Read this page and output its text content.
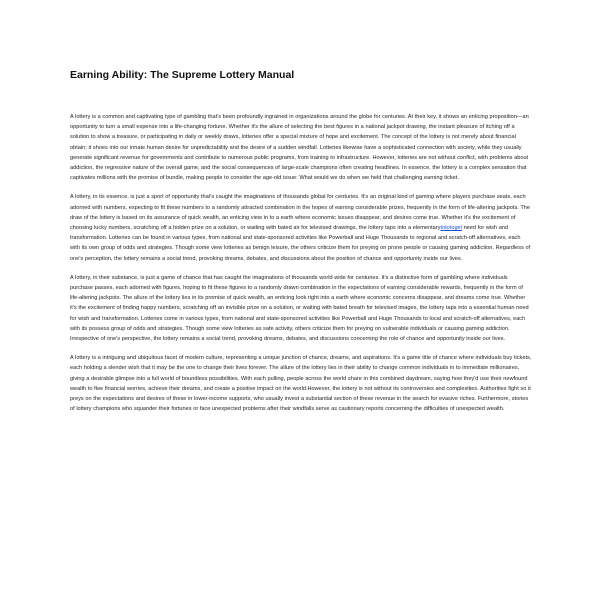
Earning Ability: The Supreme Lottery Manual

A lottery is a common and captivating type of gambling that's been profoundly ingrained in organizations around the globe for centuries. At their key, it shows an enticing proposition—an opportunity to turn a small expense into a life-changing fortune. Whether it's the allure of selecting the best figures in a national jackpot drawing, the instant pleasure of itching off a solution to show a treasure, or participating in daily or weekly draws, lotteries offer a special mixture of hope and excitement. The concept of the lottery is not merely about financial obtain; it shoes into our innate human desire for unpredictability and the desire of a sudden windfall. Lotteries likewise have a sophisticated connection with society, while they usually generate significant revenue for governments and contribute to numerous public programs, from training to infrastructure. However, lotteries are not without conflict, with problems about addiction, the regressive nature of the overall game, and the social consequences of large-scale champions often creating headlines. In essence, the lottery is a complex sensation that captivates millions with the promise of bundle, making people to consider the age-old issue: What would we do when we held that challenging earning ticket.

A lottery, in its essence, is just a sport of opportunity that's caught the imaginations of thousands global for centuries. It's an original kind of gaming where players purchase seats, each adorned with numbers, expecting to fit these numbers to a randomly attracted combination in the hopes of earning considerable prizes, frequently in the form of life-altering jackpots. The draw of the lottery is based on its assurance of quick wealth, an enticing view in to a earth where economic issues disappear, and desires come true. Whether it's the excitement of choosing lucky numbers, scratching off a hidden prize on a solution, or waiting with bated air for televised drawings, the lottery taps into a elementarytototogel need for wish and transformation. Lotteries can be found in various types, from national and state-sponsored activities like Powerball and Huge Thousands to regional and scratch-off alternatives, each with its own group of odds and strategies. Though some view lotteries as benign leisure, the others criticize them for preying on prone people or causing gaming addiction. Regardless of one's perception, the lottery remains a social trend, provoking dreams, debates, and discussions about the position of chance and opportunity inside our lives.

A lottery, in their substance, is just a game of chance that has caught the imaginations of thousands world wide for centuries. It's a distinctive form of gambling where individuals purchase passes, each adorned with figures, hoping to fit these figures to a randomly drawn combination in the expectations of earning considerable rewards, frequently in the form of life-altering jackpots. The allure of the lottery lies in its promise of quick wealth, an enticing look right into a earth where economic concerns disappear, and dreams come true. Whether it's the excitement of finding happy numbers, scratching off an invisible prize on a solution, or waiting with bated breath for televised images, the lottery taps into a essential human need for wish and transformation. Lotteries come in various types, from national and state-sponsored activities like Powerball and Huge Thousands to local and scratch-off alternatives, each with its possess group of odds and strategies. Though some view lotteries as safe activity, others criticize them for preying on vulnerable individuals or causing gaming addiction. Irrespective of one's perspective, the lottery remains a social trend, provoking dreams, debates, and discussions concerning the role of chance and opportunity inside our lives.

A lottery is a intriguing and ubiquitous facet of modern culture, representing a unique junction of chance, dreams, and aspirations. It's a game title of chance where individuals buy tickets, each holding a slender wish that it may be the one to change their lives forever. The allure of the lottery lies in their ability to change common individuals in to immediate millionaires, giving a desirable glimpse into a full world of boundless possibilities. With each pulling, people across the world share in this combined daydream, saying how they'd use their newfound wealth to flee financial worries, achieve their dreams, and create a positive impact on the world.However, the lottery is not without its controversies and complexities. Authorities fight so it preys on the expectations and desires of these in lower-income supports, who usually invest a substantial section of these revenue in the search for evasive riches. Furthermore, stories of lottery champions who squander their fortunes or face unexpected problems after their windfalls serve as cautionary reports concerning the difficulties of unexpected wealth.
